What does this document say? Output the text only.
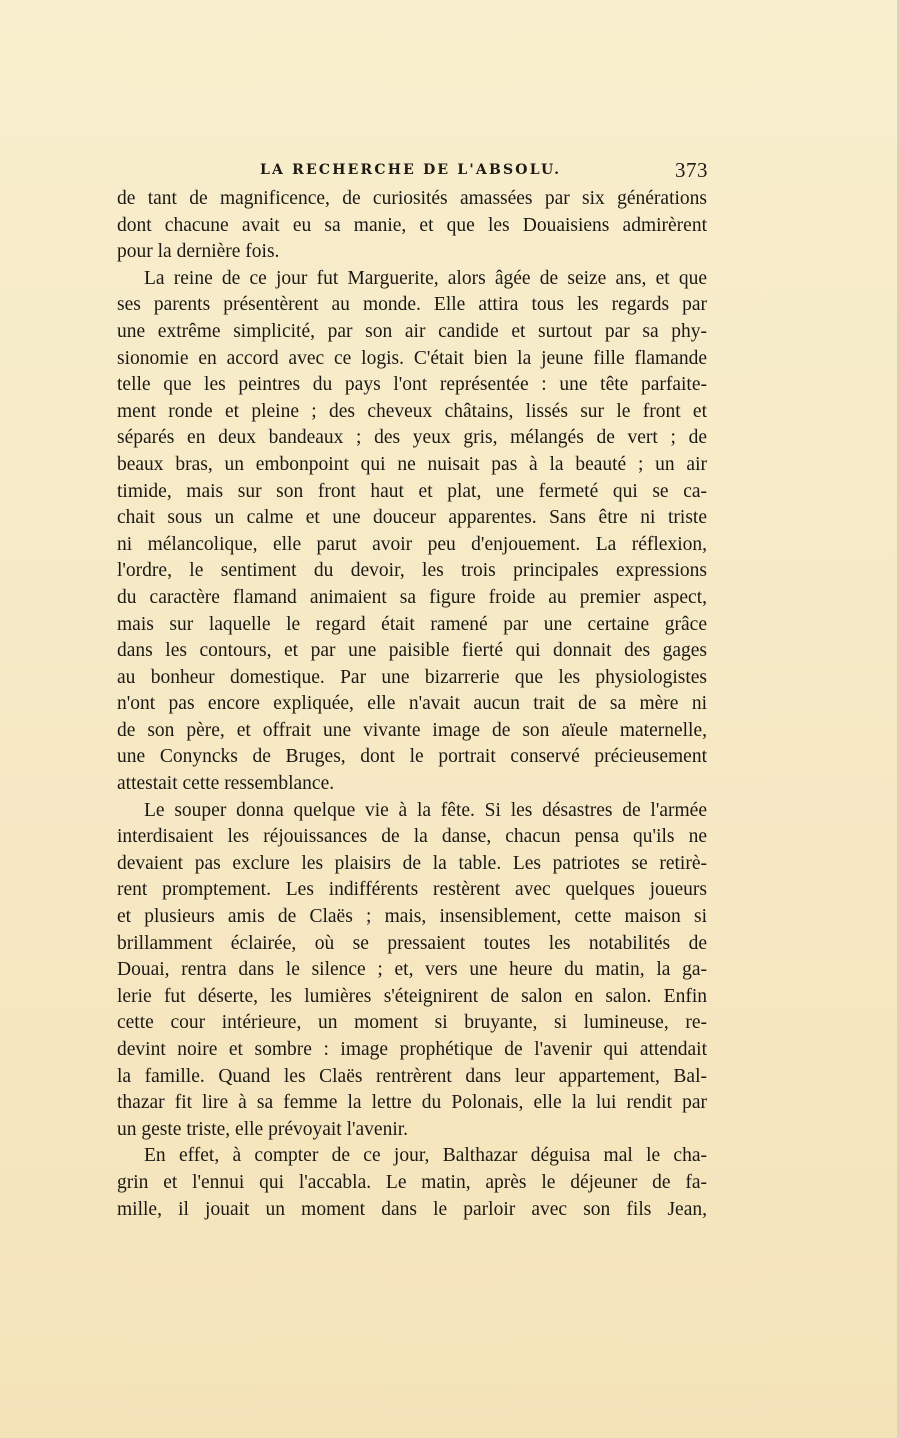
LA RECHERCHE DE L'ABSOLU.	373
de tant de magnificence, de curiosités amassées par six générations
dont chacune avait eu sa manie, et que les Douaisiens admirèrent
pour la dernière fois.
La reine de ce jour fut Marguerite, alors âgée de seize ans, et que
ses parents présentèrent au monde. Elle attira tous les regards par
une extrême simplicité, par son air candide et surtout par sa phy-
sionomie en accord avec ce logis. C'était bien la jeune fille flamande
telle que les peintres du pays l'ont représentée : une tête parfaite-
ment ronde et pleine ; des cheveux châtains, lissés sur le front et
séparés en deux bandeaux ; des yeux gris, mélangés de vert ; de
beaux bras, un embonpoint qui ne nuisait pas à la beauté ; un air
timide, mais sur son front haut et plat, une fermeté qui se ca-
chait sous un calme et une douceur apparentes. Sans être ni triste
ni mélancolique, elle parut avoir peu d'enjouement. La réflexion,
l'ordre, le sentiment du devoir, les trois principales expressions
du caractère flamand animaient sa figure froide au premier aspect,
mais sur laquelle le regard était ramené par une certaine grâce
dans les contours, et par une paisible fierté qui donnait des gages
au bonheur domestique. Par une bizarrerie que les physiologistes
n'ont pas encore expliquée, elle n'avait aucun trait de sa mère ni
de son père, et offrait une vivante image de son aïeule maternelle,
une Conyncks de Bruges, dont le portrait conservé précieusement
attestait cette ressemblance.
Le souper donna quelque vie à la fête. Si les désastres de l'armée
interdisaient les réjouissances de la danse, chacun pensa qu'ils ne
devaient pas exclure les plaisirs de la table. Les patriotes se retirè-
rent promptement. Les indifférents restèrent avec quelques joueurs
et plusieurs amis de Claës ; mais, insensiblement, cette maison si
brillamment éclairée, où se pressaient toutes les notabilités de
Douai, rentra dans le silence ; et, vers une heure du matin, la ga-
lerie fut déserte, les lumières s'éteignirent de salon en salon. Enfin
cette cour intérieure, un moment si bruyante, si lumineuse, re-
devint noire et sombre : image prophétique de l'avenir qui attendait
la famille. Quand les Claës rentrèrent dans leur appartement, Bal-
thazar fit lire à sa femme la lettre du Polonais, elle la lui rendit par
un geste triste, elle prévoyait l'avenir.
En effet, à compter de ce jour, Balthazar déguisa mal le cha-
grin et l'ennui qui l'accabla. Le matin, après le déjeuner de fa-
mille, il jouait un moment dans le parloir avec son fils Jean,
